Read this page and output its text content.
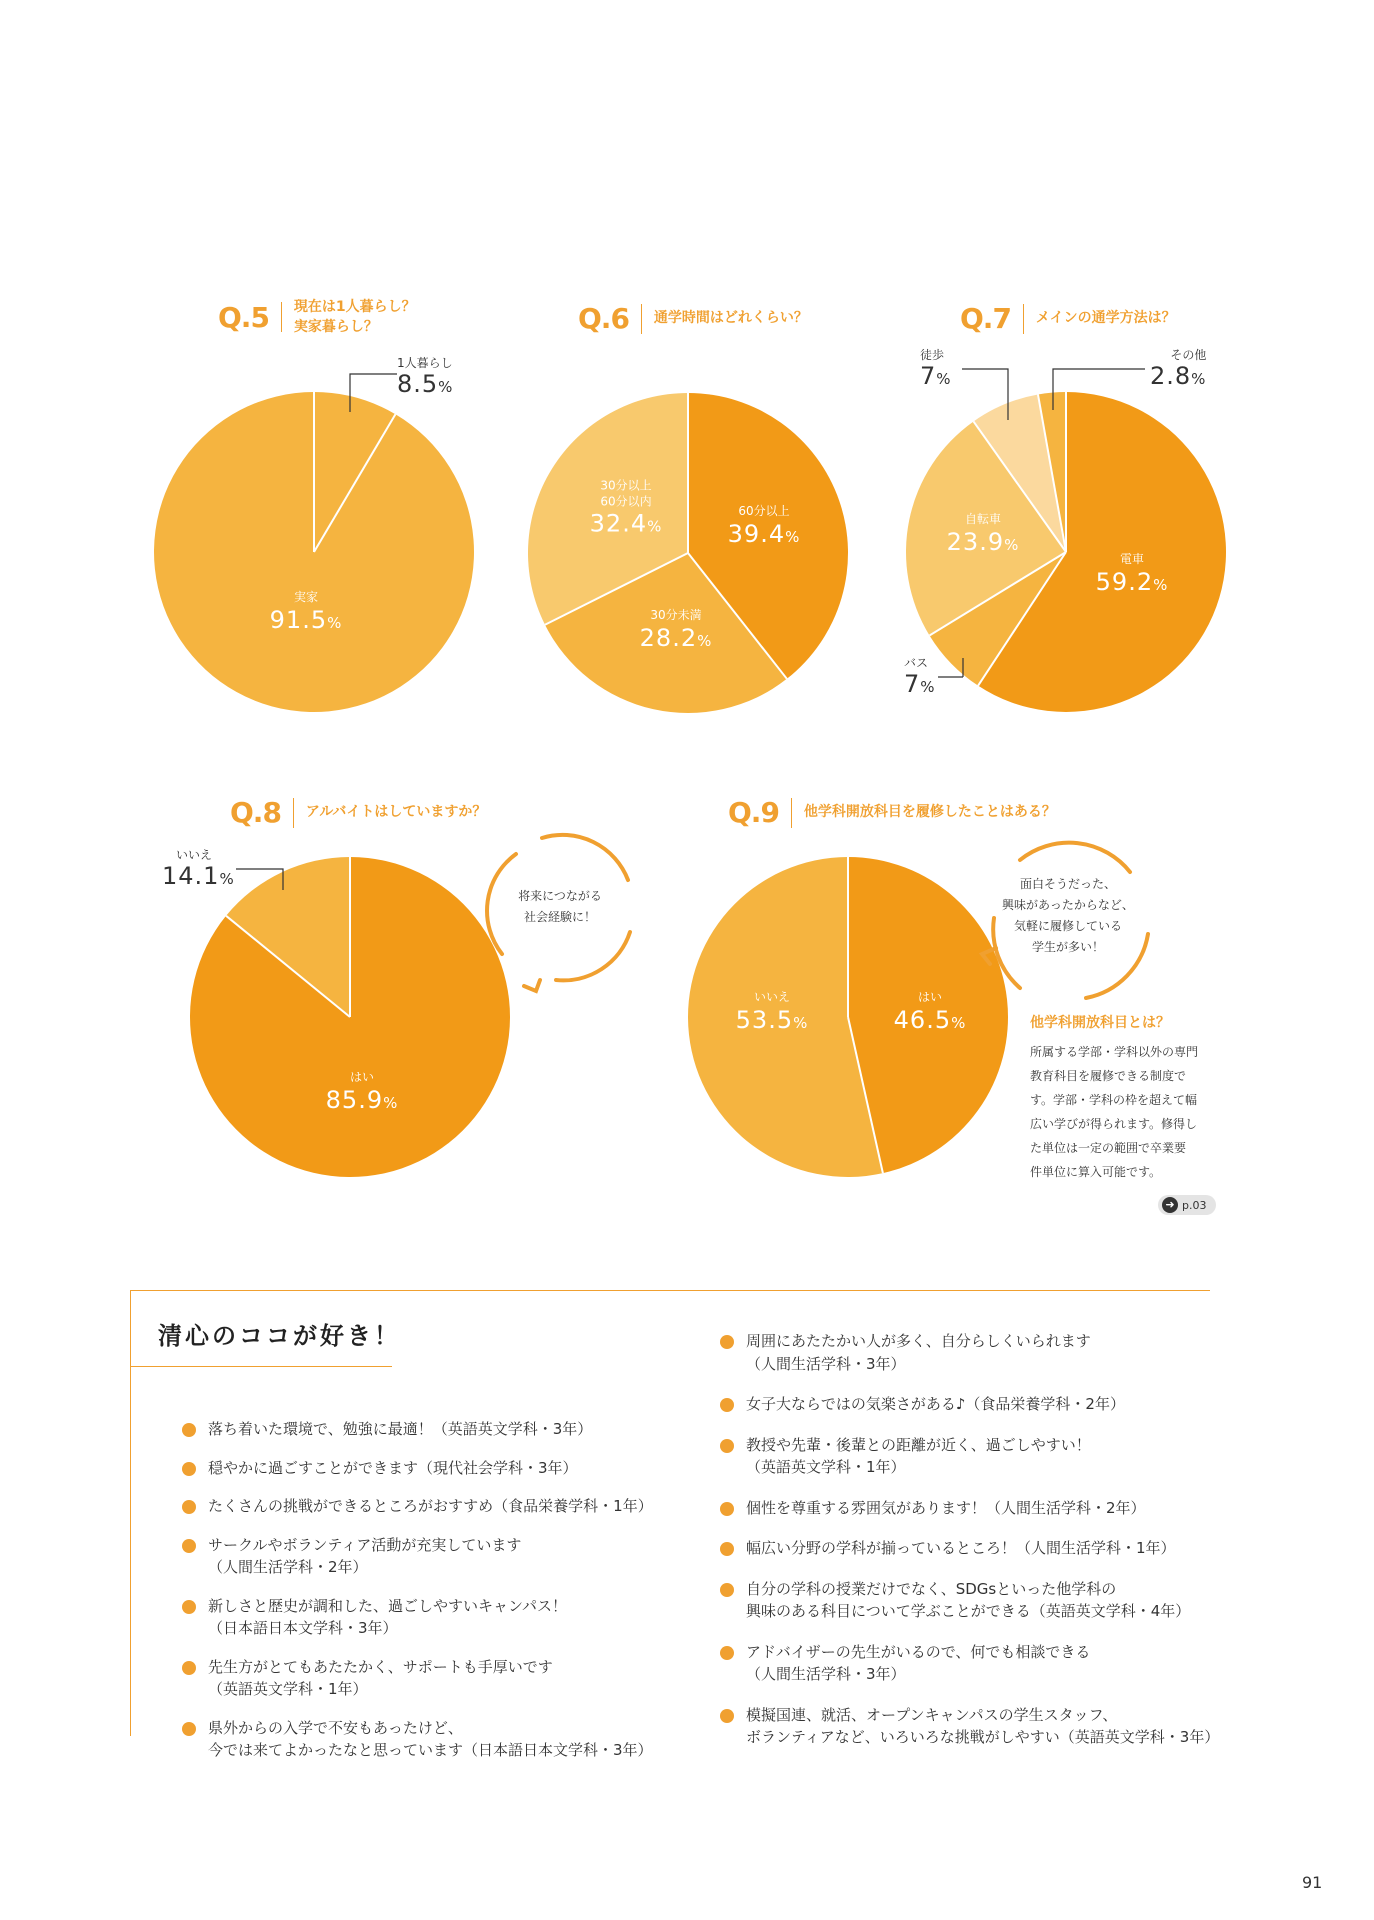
Q.5 現在は1人暮らし？
実家暮らし？
1人暮らし
8.5%
実家
91.5%
Q.6 通学時間はどれくらい？
60分以上
39.4%
30分未満
28.2%
30分以上
60分以内
32.4%
Q.7 メインの通学方法は？
徒歩
7%
その他
2.8%
バス
7%
電車
59.2%
自転車
23.9%
Q.8 アルバイトはしていますか？
いいえ
14.1%
はい
85.9%
将来につながる
社会経験に！
Q.9 他学科開放科目を履修したことはある？
はい
46.5%
いいえ
53.5%
面白そうだった、
興味があったからなど、
気軽に履修している
学生が多い！
他学科開放科目とは？
所属する学部・学科以外の専門
教育科目を履修できる制度で
す。学部・学科の枠を超えて幅
広い学びが得られます。修得し
た単位は一定の範囲で卒業要
件単位に算入可能です。
➜ p.03
清心のココが好き！
落ち着いた環境で、勉強に最適！（英語英文学科・3年）
穏やかに過ごすことができます（現代社会学科・3年）
たくさんの挑戦ができるところがおすすめ（食品栄養学科・1年）
サークルやボランティア活動が充実しています
（人間生活学科・2年）
新しさと歴史が調和した、過ごしやすいキャンパス！
（日本語日本文学科・3年）
先生方がとてもあたたかく、サポートも手厚いです
（英語英文学科・1年）
県外からの入学で不安もあったけど、
今では来てよかったなと思っています（日本語日本文学科・3年）
周囲にあたたかい人が多く、自分らしくいられます
（人間生活学科・3年）
女子大ならではの気楽さがある♪（食品栄養学科・2年）
教授や先輩・後輩との距離が近く、過ごしやすい！
（英語英文学科・1年）
個性を尊重する雰囲気があります！（人間生活学科・2年）
幅広い分野の学科が揃っているところ！（人間生活学科・1年）
自分の学科の授業だけでなく、SDGsといった他学科の
興味のある科目について学ぶことができる（英語英文学科・4年）
アドバイザーの先生がいるので、何でも相談できる
（人間生活学科・3年）
模擬国連、就活、オープンキャンパスの学生スタッフ、
ボランティアなど、いろいろな挑戦がしやすい（英語英文学科・3年）
91
